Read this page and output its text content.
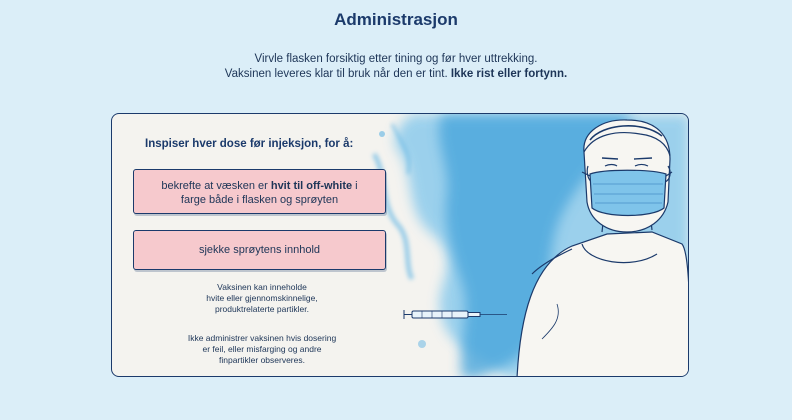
Administrasjon
Virvle flasken forsiktig etter tining og før hver uttrekking.
Vaksinen leveres klar til bruk når den er tint. Ikke rist eller fortynn.
Inspiser hver dose før injeksjon, for å:
bekrefte at væsken er hvit til off-white i
farge både i flasken og sprøyten
sjekke sprøytens innhold
Vaksinen kan inneholde
hvite eller gjennomskinnelige,
produktrelaterte partikler.
Ikke administrer vaksinen hvis dosering
er feil, eller misfarging og andre
finpartikler observeres.
